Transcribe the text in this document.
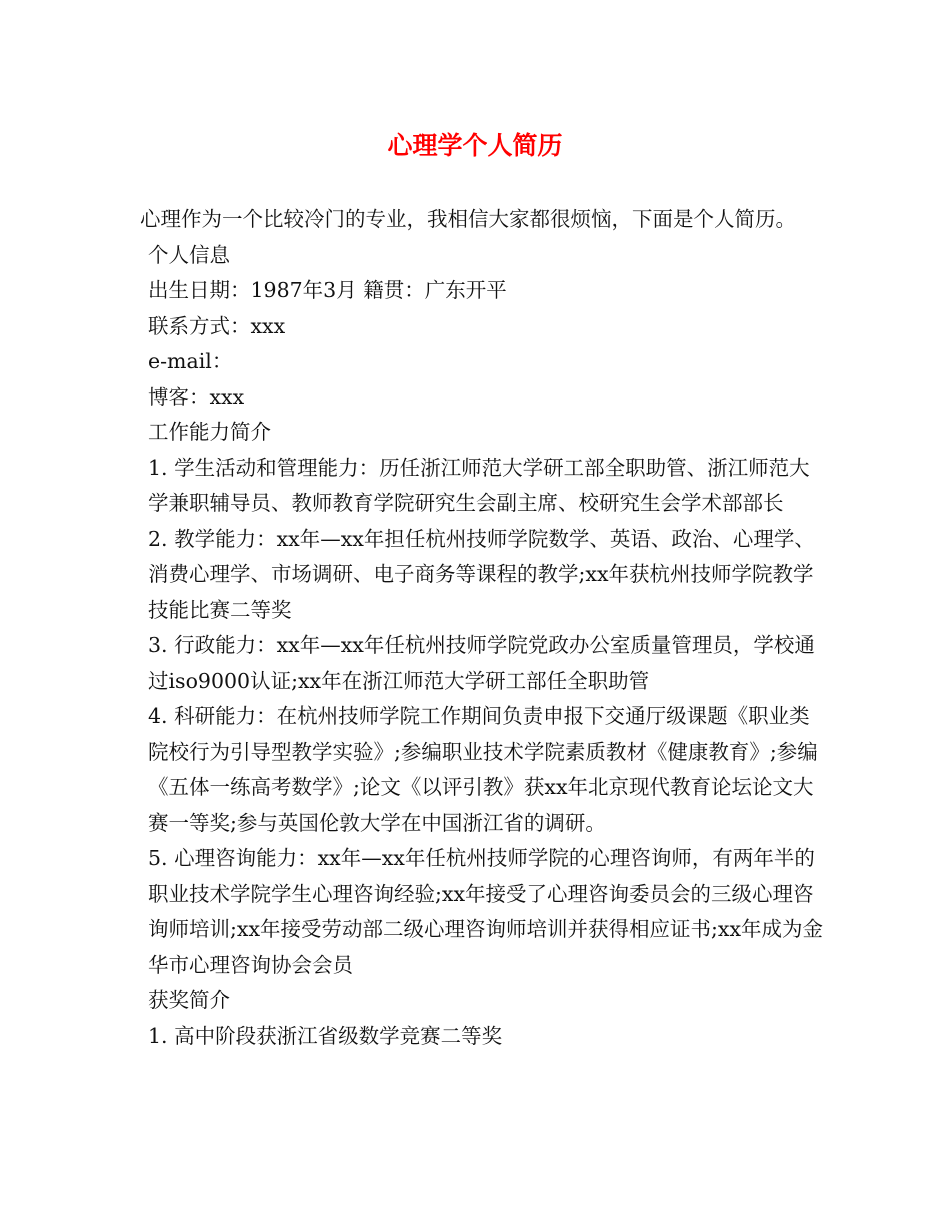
心理学个人简历

心理作为一个比较冷门的专业，我相信大家都很烦恼，下面是个人简历。

个人信息

出生日期：1987年3月 籍贯：广东开平

联系方式：xxx

e-mail：

博客：xxx

工作能力简介

1. 学生活动和管理能力：历任浙江师范大学研工部全职助管、浙江师范大学兼职辅导员、教师教育学院研究生会副主席、校研究生会学术部部长

2. 教学能力：xx年—xx年担任杭州技师学院数学、英语、政治、心理学、消费心理学、市场调研、电子商务等课程的教学;xx年获杭州技师学院教学技能比赛二等奖

3. 行政能力：xx年—xx年任杭州技师学院党政办公室质量管理员，学校通过iso9000认证;xx年在浙江师范大学研工部任全职助管

4. 科研能力：在杭州技师学院工作期间负责申报下交通厅级课题《职业类院校行为引导型教学实验》;参编职业技术学院素质教材《健康教育》;参编《五体一练高考数学》;论文《以评引教》获xx年北京现代教育论坛论文大赛一等奖;参与英国伦敦大学在中国浙江省的调研。

5. 心理咨询能力：xx年—xx年任杭州技师学院的心理咨询师，有两年半的职业技术学院学生心理咨询经验;xx年接受了心理咨询委员会的三级心理咨询师培训;xx年接受劳动部二级心理咨询师培训并获得相应证书;xx年成为金华市心理咨询协会会员

获奖简介

1. 高中阶段获浙江省级数学竞赛二等奖
